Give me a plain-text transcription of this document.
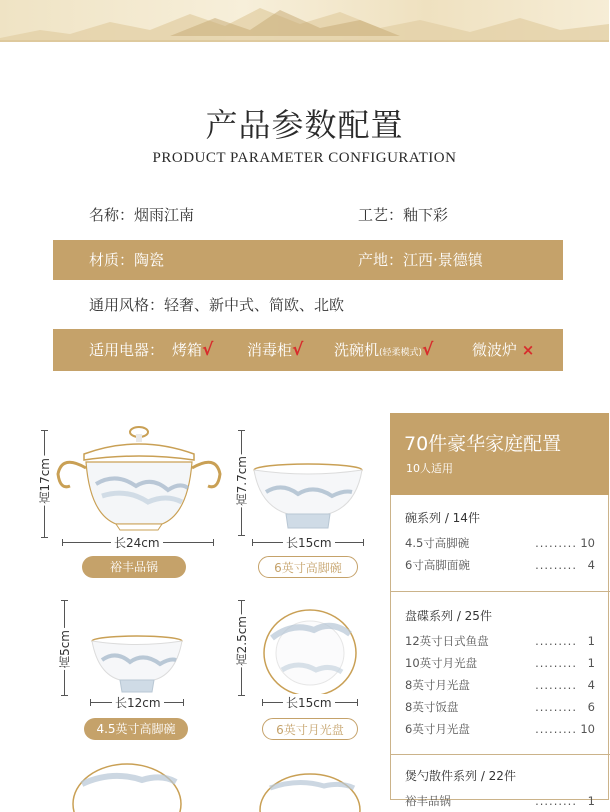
产品参数配置
PRODUCT PARAMETER CONFIGURATION
名称：烟雨江南	工艺：釉下彩
材质：陶瓷	产地：江西·景德镇
通用风格：轻奢、新中式、简欧、北欧
适用电器： 烤箱√ 消毒柜√ 洗碗机(轻柔模式)√	微波炉 ×
高17cm
长24cm
裕丰品锅
高7.7cm
长15cm
6英寸高脚碗
高5cm
长12cm
4.5英寸高脚碗
高2.5cm
长15cm
6英寸月光盘
70件豪华家庭配置
10人适用
碗系列 / 14件
4.5寸高脚碗	..... 10
6寸高脚面碗	..... 4
盘碟系列 / 25件
12英寸日式鱼盘	..... 1
10英寸月光盘	..... 1
8英寸月光盘	..... 4
8英寸饭盘	..... 6
6英寸月光盘	..... 10
煲勺散件系列 / 22件
裕丰品锅	..... 1
